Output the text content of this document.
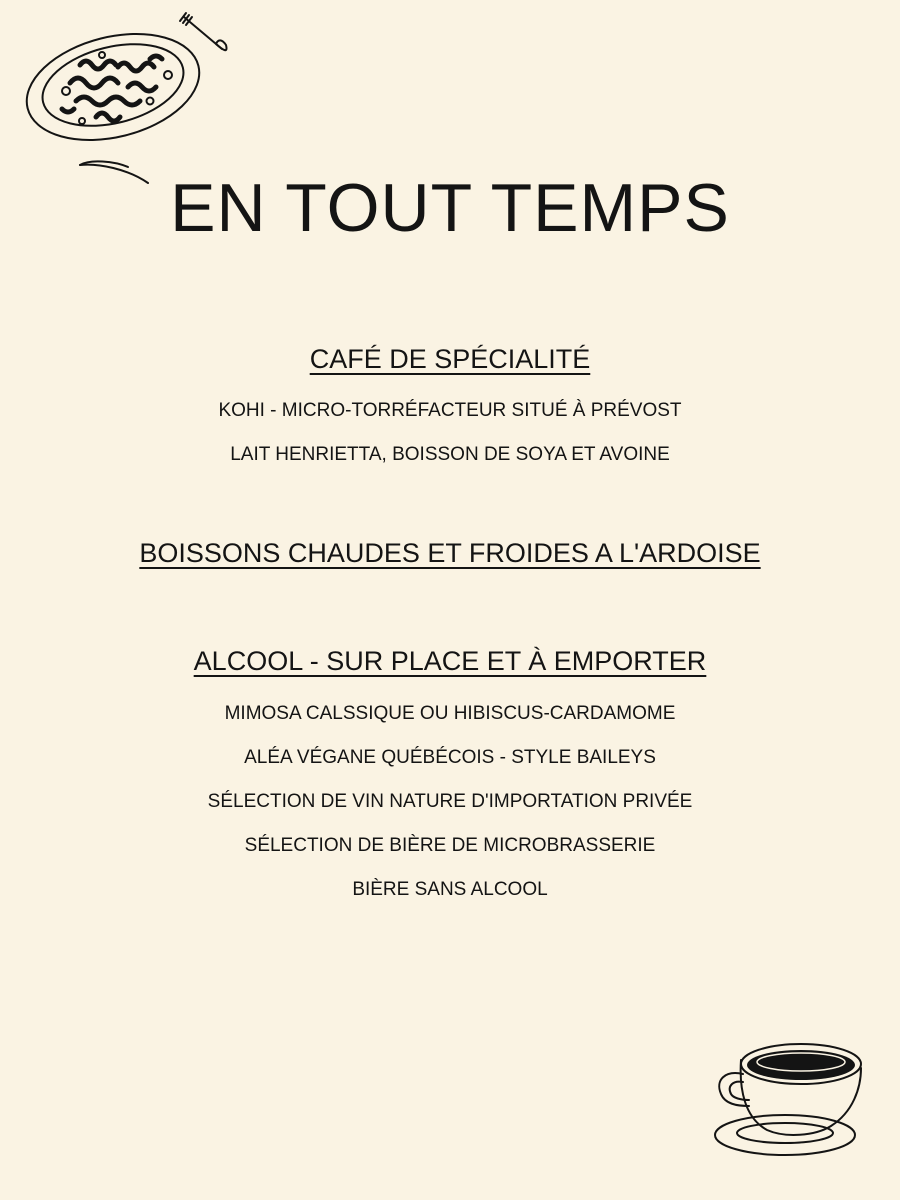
EN TOUT TEMPS
CAFÉ DE SPÉCIALITÉ

KOHI - MICRO-TORRÉFACTEUR SITUÉ À PRÉVOST

LAIT HENRIETTA, BOISSON DE SOYA ET AVOINE

BOISSONS CHAUDES ET FROIDES A L'ARDOISE
ALCOOL - SUR PLACE ET À EMPORTER

MIMOSA CALSSIQUE OU HIBISCUS-CARDAMOME

ALÉA VÉGANE QUÉBÉCOIS - STYLE BAILEYS

SÉLECTION DE VIN NATURE D'IMPORTATION PRIVÉE

SÉLECTION DE BIÈRE DE MICROBRASSERIE

BIÈRE SANS ALCOOL
